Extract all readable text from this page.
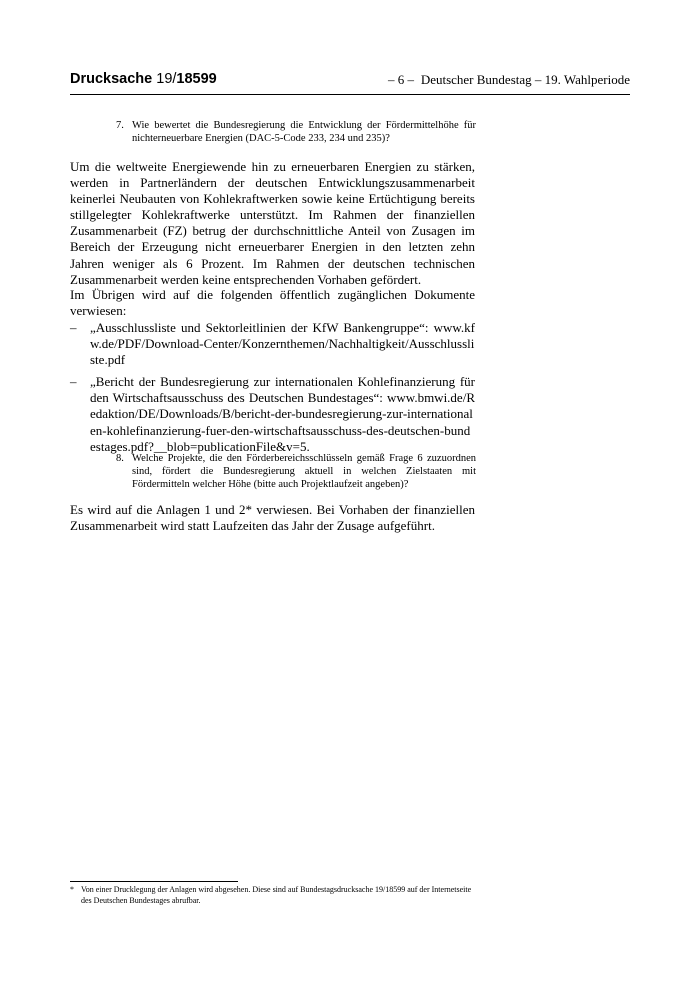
Drucksache 19/18599	– 6 – Deutscher Bundestag – 19. Wahlperiode
7. Wie bewertet die Bundesregierung die Entwicklung der Fördermittelhöhe für nichterneuerbare Energien (DAC-5-Code 233, 234 und 235)?

Um die weltweite Energiewende hin zu erneuerbaren Energien zu stärken, werden in Partnerländern der deutschen Entwicklungszusammenarbeit keinerlei Neubauten von Kohlekraftwerken sowie keine Ertüchtigung bereits stillgelegter Kohlekraftwerke unterstützt. Im Rahmen der finanziellen Zusammenarbeit (FZ) betrug der durchschnittliche Anteil von Zusagen im Bereich der Erzeugung nicht erneuerbarer Energien in den letzten zehn Jahren weniger als 6 Prozent. Im Rahmen der deutschen technischen Zusammenarbeit werden keine entsprechenden Vorhaben gefördert.

Im Übrigen wird auf die folgenden öffentlich zugänglichen Dokumente verwiesen:

– „Ausschlussliste und Sektorleitlinien der KfW Bankengruppe“: www.kfw.de/PDF/Download-Center/Konzernthemen/Nachhaltigkeit/Ausschlussliste.pdf
– „Bericht der Bundesregierung zur internationalen Kohlefinanzierung für den Wirtschaftsausschuss des Deutschen Bundestages“: www.bmwi.de/Redaktion/DE/Downloads/B/bericht-der-bundesregierung-zur-internationalen-kohlefinanzierung-fuer-den-wirtschaftsausschuss-des-deutschen-bundestages.pdf?__blob=publicationFile&v=5.
8. Welche Projekte, die den Förderbereichsschlüsseln gemäß Frage 6 zuzuordnen sind, fördert die Bundesregierung aktuell in welchen Zielstaaten mit Fördermitteln welcher Höhe (bitte auch Projektlaufzeit angeben)?

Es wird auf die Anlagen 1 und 2* verwiesen. Bei Vorhaben der finanziellen Zusammenarbeit wird statt Laufzeiten das Jahr der Zusage aufgeführt.

* Von einer Drucklegung der Anlagen wird abgesehen. Diese sind auf Bundestagsdrucksache 19/18599 auf der Internetseite des Deutschen Bundestages abrufbar.
